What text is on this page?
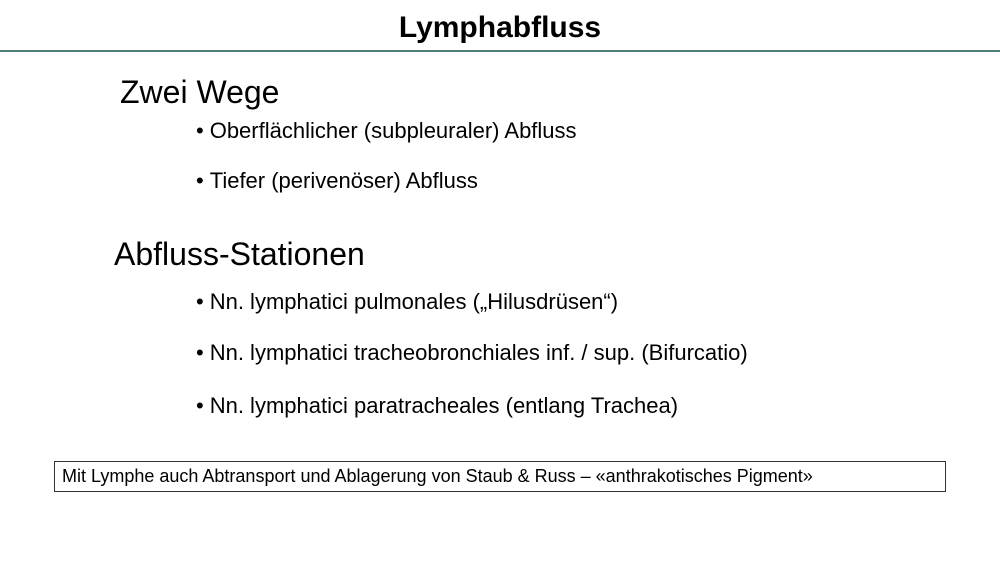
Lymphabfluss
Zwei Wege
• Oberflächlicher (subpleuraler) Abfluss
• Tiefer (perivenöser) Abfluss
Abfluss-Stationen
• Nn. lymphatici pulmonales („Hilusdrüsen“)
• Nn. lymphatici tracheobronchiales inf. / sup. (Bifurcatio)
• Nn. lymphatici paratracheales (entlang Trachea)
Mit Lymphe auch Abtransport und Ablagerung von Staub & Russ – «anthrakotisches Pigment»
